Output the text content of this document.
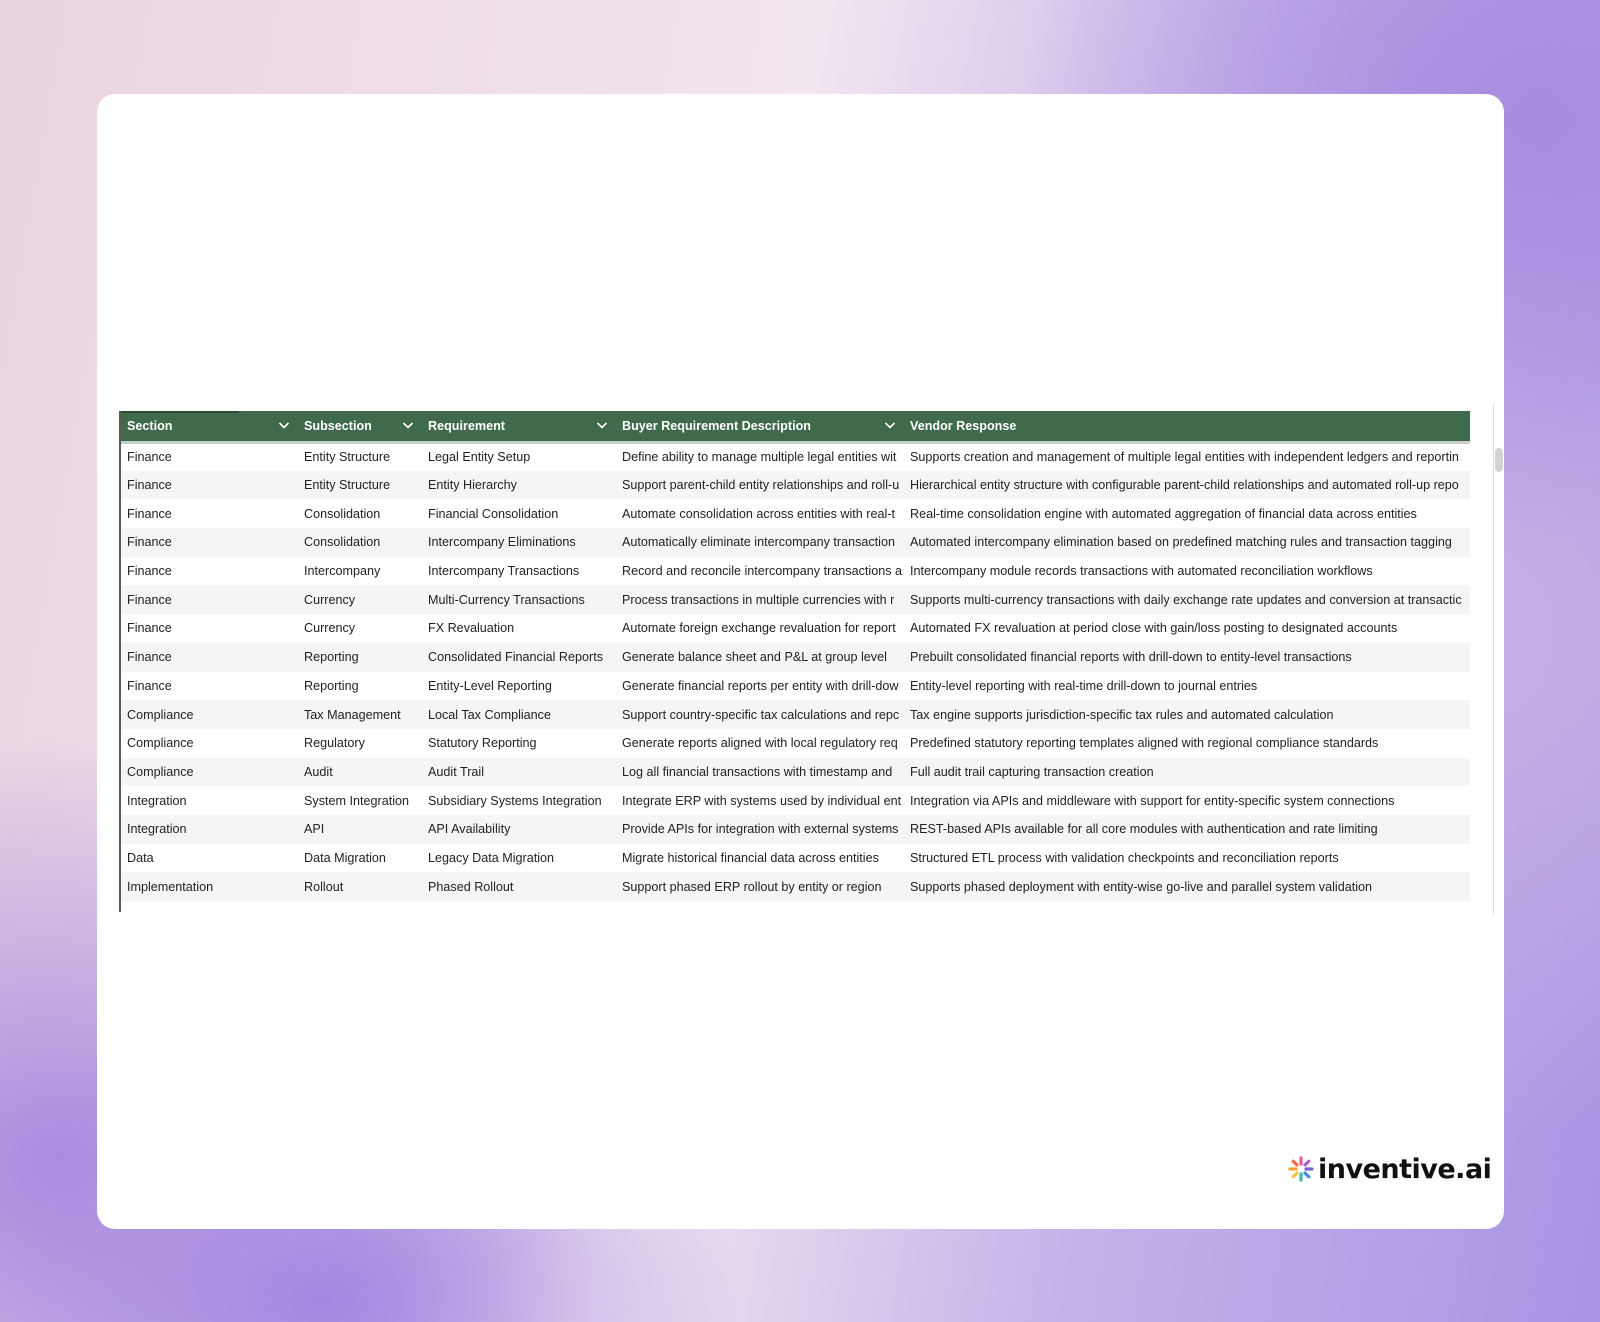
Section	Subsection	Requirement	Buyer Requirement Description	Vendor Response
Finance	Entity Structure	Legal Entity Setup	Define ability to manage multiple legal entities wit	Supports creation and management of multiple legal entities with independent ledgers and reportin
Finance	Entity Structure	Entity Hierarchy	Support parent-child entity relationships and roll-u	Hierarchical entity structure with configurable parent-child relationships and automated roll-up repo
Finance	Consolidation	Financial Consolidation	Automate consolidation across entities with real-t	Real-time consolidation engine with automated aggregation of financial data across entities
Finance	Consolidation	Intercompany Eliminations	Automatically eliminate intercompany transaction	Automated intercompany elimination based on predefined matching rules and transaction tagging
Finance	Intercompany	Intercompany Transactions	Record and reconcile intercompany transactions a	Intercompany module records transactions with automated reconciliation workflows
Finance	Currency	Multi-Currency Transactions	Process transactions in multiple currencies with r	Supports multi-currency transactions with daily exchange rate updates and conversion at transactic
Finance	Currency	FX Revaluation	Automate foreign exchange revaluation for report	Automated FX revaluation at period close with gain/loss posting to designated accounts
Finance	Reporting	Consolidated Financial Reports	Generate balance sheet and P&L at group level	Prebuilt consolidated financial reports with drill-down to entity-level transactions
Finance	Reporting	Entity-Level Reporting	Generate financial reports per entity with drill-dow	Entity-level reporting with real-time drill-down to journal entries
Compliance	Tax Management	Local Tax Compliance	Support country-specific tax calculations and repc	Tax engine supports jurisdiction-specific tax rules and automated calculation
Compliance	Regulatory	Statutory Reporting	Generate reports aligned with local regulatory req	Predefined statutory reporting templates aligned with regional compliance standards
Compliance	Audit	Audit Trail	Log all financial transactions with timestamp and	Full audit trail capturing transaction creation
Integration	System Integration	Subsidiary Systems Integration	Integrate ERP with systems used by individual ent	Integration via APIs and middleware with support for entity-specific system connections
Integration	API	API Availability	Provide APIs for integration with external systems	REST-based APIs available for all core modules with authentication and rate limiting
Data	Data Migration	Legacy Data Migration	Migrate historical financial data across entities	Structured ETL process with validation checkpoints and reconciliation reports
Implementation	Rollout	Phased Rollout	Support phased ERP rollout by entity or region	Supports phased deployment with entity-wise go-live and parallel system validation
inventive.ai
